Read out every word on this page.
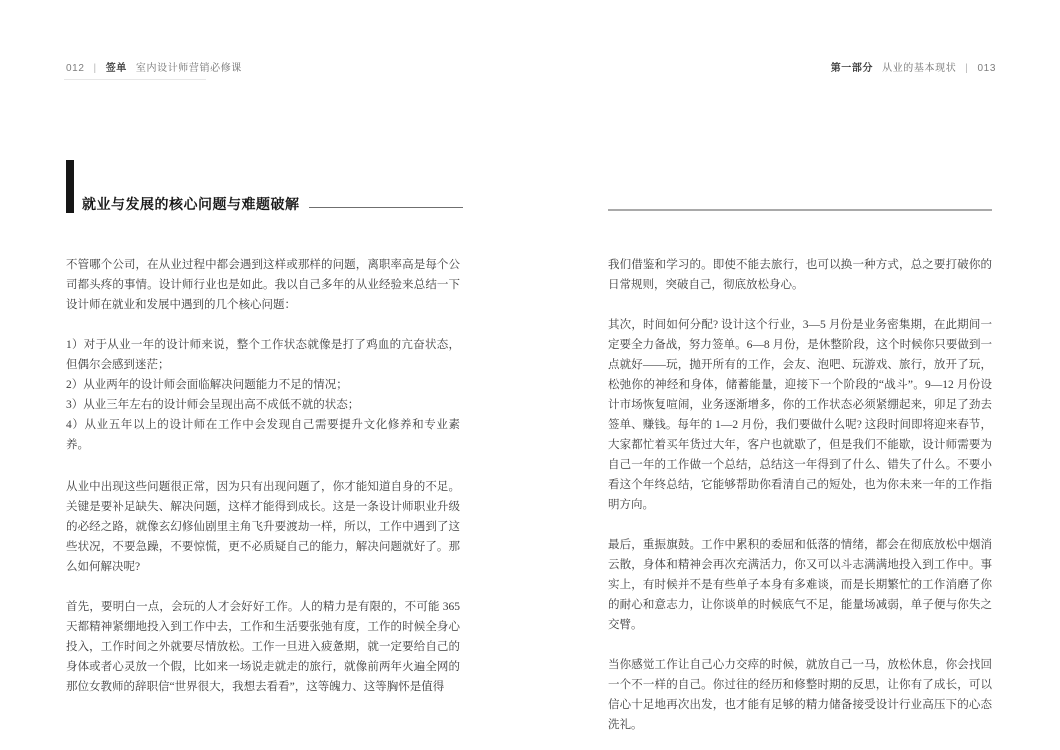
012 | 签单 室内设计师营销必修课	第一部分 从业的基本现状 | 013
就业与发展的核心问题与难题破解

不管哪个公司，在从业过程中都会遇到这样或那样的问题，离职率高是每个公司都头疼的事情。设计师行业也是如此。我以自己多年的从业经验来总结一下设计师在就业和发展中遇到的几个核心问题：

1）对于从业一年的设计师来说，整个工作状态就像是打了鸡血的亢奋状态，但偶尔会感到迷茫；

2）从业两年的设计师会面临解决问题能力不足的情况；

3）从业三年左右的设计师会呈现出高不成低不就的状态；

4）从业五年以上的设计师在工作中会发现自己需要提升文化修养和专业素养。

从业中出现这些问题很正常，因为只有出现问题了，你才能知道自身的不足。关键是要补足缺失、解决问题，这样才能得到成长。这是一条设计师职业升级的必经之路，就像玄幻修仙剧里主角飞升要渡劫一样，所以，工作中遇到了这些状况，不要急躁，不要惊慌，更不必质疑自己的能力，解决问题就好了。那么如何解决呢?

首先，要明白一点，会玩的人才会好好工作。人的精力是有限的，不可能 365 天都精神紧绷地投入到工作中去，工作和生活要张弛有度，工作的时候全身心投入，工作时间之外就要尽情放松。工作一旦进入疲惫期，就一定要给自己的身体或者心灵放一个假，比如来一场说走就走的旅行，就像前两年火遍全网的那位女教师的辞职信“世界很大，我想去看看”，这等魄力、这等胸怀是值得

我们借鉴和学习的。即使不能去旅行，也可以换一种方式，总之要打破你的日常规则，突破自己，彻底放松身心。

其次，时间如何分配? 设计这个行业，3—5 月份是业务密集期，在此期间一定要全力备战，努力签单。6—8 月份，是休整阶段，这个时候你只要做到一点就好——玩，抛开所有的工作，会友、泡吧、玩游戏、旅行，放开了玩，松弛你的神经和身体，储蓄能量，迎接下一个阶段的“战斗”。9—12 月份设计市场恢复喧闹，业务逐渐增多，你的工作状态必须紧绷起来，卯足了劲去签单、赚钱。每年的 1—2 月份，我们要做什么呢? 这段时间即将迎来春节，大家都忙着买年货过大年，客户也就歇了，但是我们不能歇，设计师需要为自己一年的工作做一个总结，总结这一年得到了什么、错失了什么。不要小看这个年终总结，它能够帮助你看清自己的短处，也为你未来一年的工作指明方向。

最后，重振旗鼓。工作中累积的委屈和低落的情绪，都会在彻底放松中烟消云散，身体和精神会再次充满活力，你又可以斗志满满地投入到工作中。事实上，有时候并不是有些单子本身有多难谈，而是长期繁忙的工作消磨了你的耐心和意志力，让你谈单的时候底气不足，能量场减弱，单子便与你失之交臂。

当你感觉工作让自己心力交瘁的时候，就放自己一马，放松休息，你会找回一个不一样的自己。你过往的经历和修整时期的反思，让你有了成长，可以信心十足地再次出发，也才能有足够的精力储备接受设计行业高压下的心态洗礼。
